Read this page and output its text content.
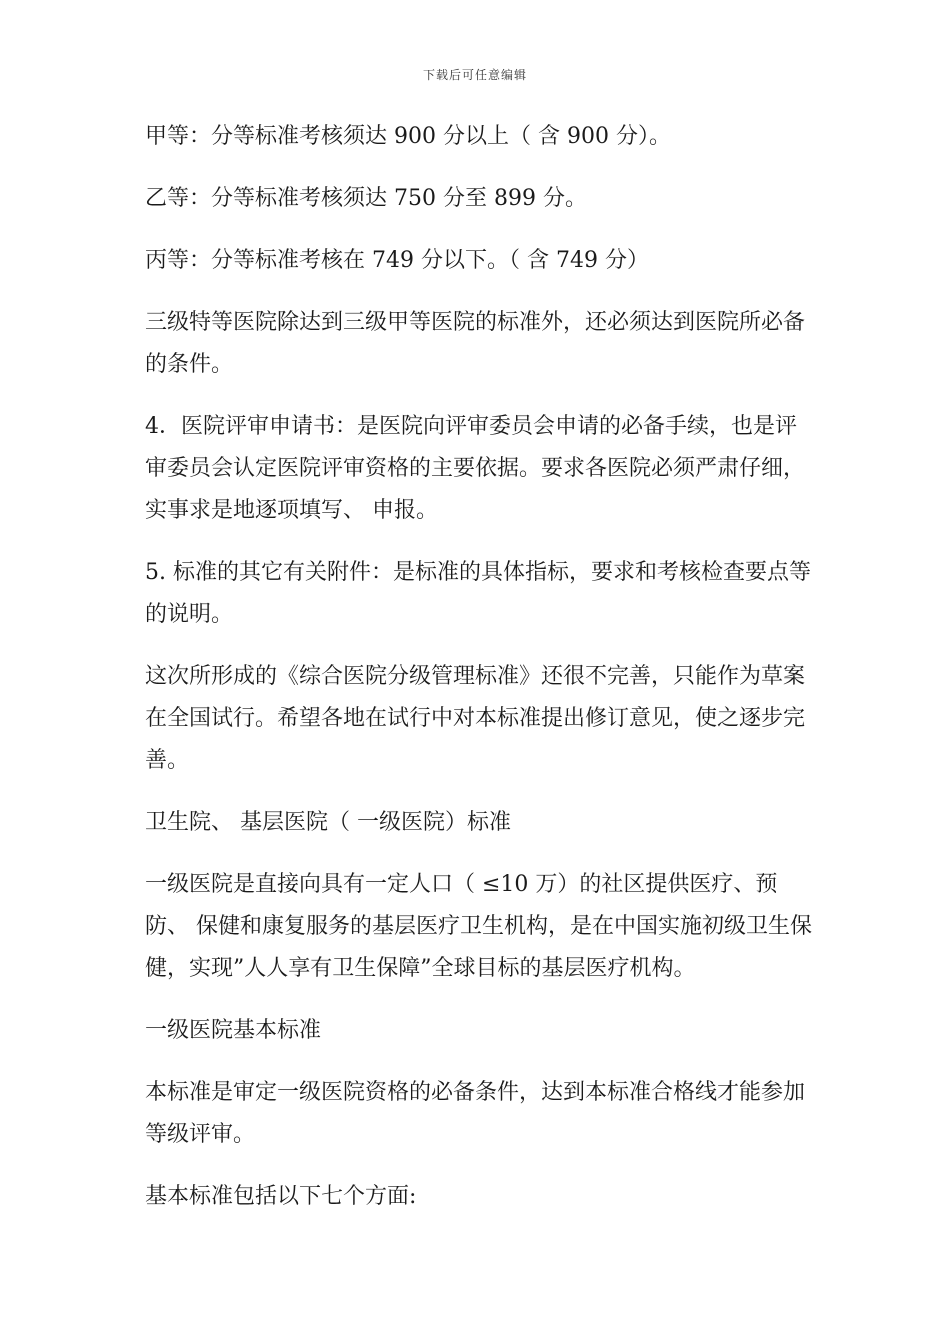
下载后可任意编辑

甲等：分等标准考核须达 900 分以上（ 含 900 分）。

乙等：分等标准考核须达 750 分至 899 分。

丙等：分等标准考核在 749 分以下。（ 含 749 分）

三级特等医院除达到三级甲等医院的标准外，还必须达到医院所必备的条件。

4．医院评审申请书：是医院向评审委员会申请的必备手续，也是评审委员会认定医院评审资格的主要依据。要求各医院必须严肃仔细，实事求是地逐项填写、 申报。

5. 标准的其它有关附件：是标准的具体指标，要求和考核检查要点等的说明。

这次所形成的《综合医院分级管理标准》还很不完善，只能作为草案在全国试行。希望各地在试行中对本标准提出修订意见，使之逐步完善。

卫生院、 基层医院（ 一级医院）标准

一级医院是直接向具有一定人口（ ≤10 万）的社区提供医疗、预防、 保健和康复服务的基层医疗卫生机构，是在中国实施初级卫生保健，实现”人人享有卫生保障”全球目标的基层医疗机构。

一级医院基本标准

本标准是审定一级医院资格的必备条件，达到本标准合格线才能参加等级评审。

基本标准包括以下七个方面:
